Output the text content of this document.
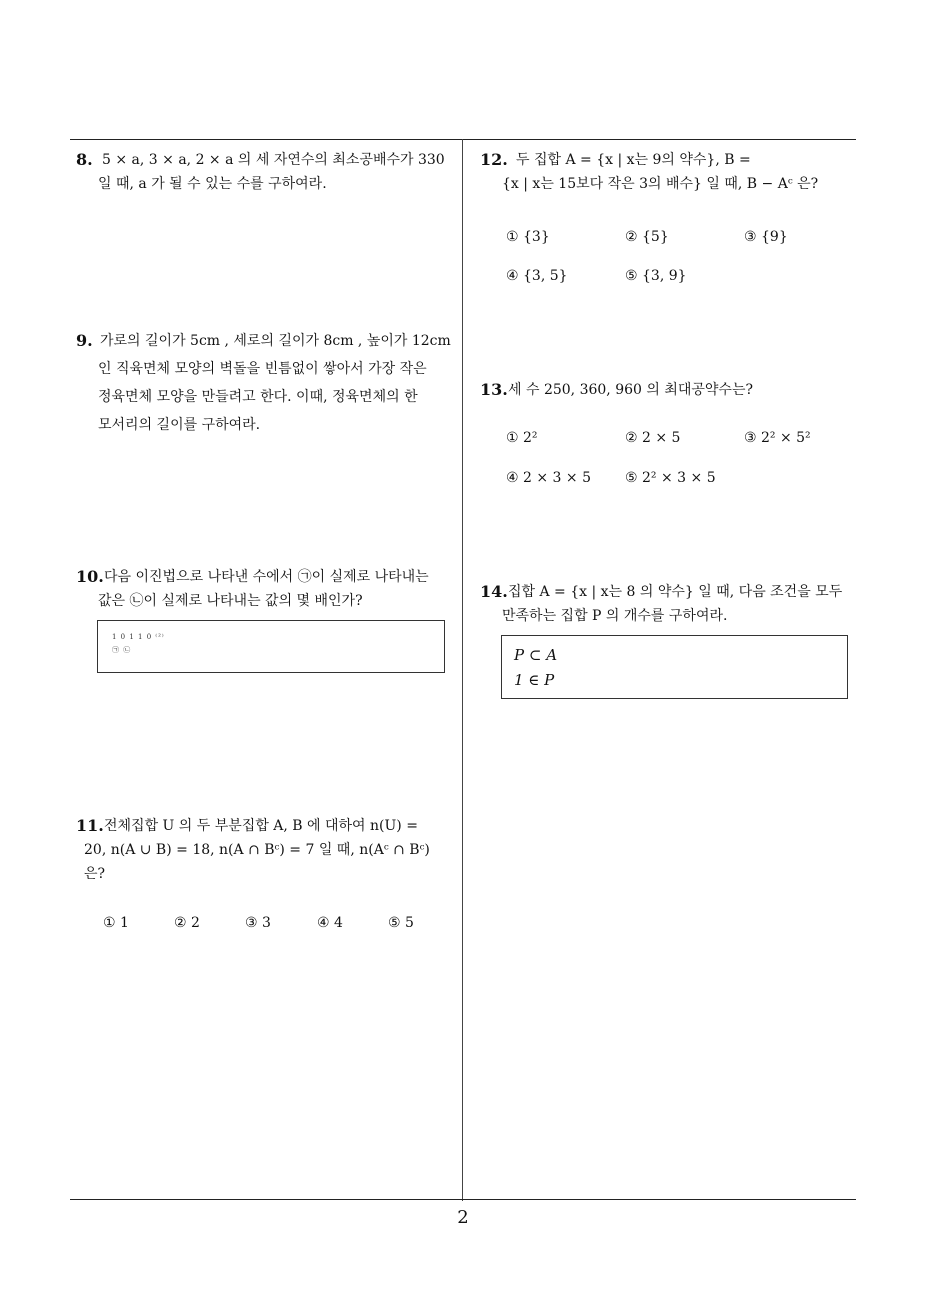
8. 5 × a, 3 × a, 2 × a 의 세 자연수의 최소공배수가 330
일 때, a 가 될 수 있는 수를 구하여라.
9. 가로의 길이가 5cm , 세로의 길이가 8cm , 높이가 12cm
인 직육면체 모양의 벽돌을 빈틈없이 쌓아서 가장 작은
정육면체 모양을 만들려고 한다. 이때, 정육면체의 한
모서리의 길이를 구하여라.
10. 다음 이진법으로 나타낸 수에서 ㉠이 실제로 나타내는
값은 ㉡이 실제로 나타내는 값의 몇 배인가?
1 0 1 1 0 ⁽²⁾
㉠ ㉡
11. 전체집합 U 의 두 부분집합 A, B 에 대하여 n(U) =
20, n(A ∪ B) = 18, n(A ∩ Bᶜ) = 7 일 때, n(Aᶜ ∩ Bᶜ)
은?
① 1	② 2	③ 3	④ 4	⑤ 5
12. 두 집합 A = {x | x는 9의 약수}, B =
{x | x는 15보다 작은 3의 배수} 일 때, B − Aᶜ 은?
① {3}	② {5}	③ {9}
④ {3, 5}	⑤ {3, 9}
13. 세 수 250, 360, 960 의 최대공약수는?
① 2²	② 2 × 5	③ 2² × 5²
④ 2 × 3 × 5 ⑤ 2² × 3 × 5
14. 집합 A = {x | x는 8 의 약수} 일 때, 다음 조건을 모두
만족하는 집합 P 의 개수를 구하여라.
P ⊂ A
1 ∈ P
2
